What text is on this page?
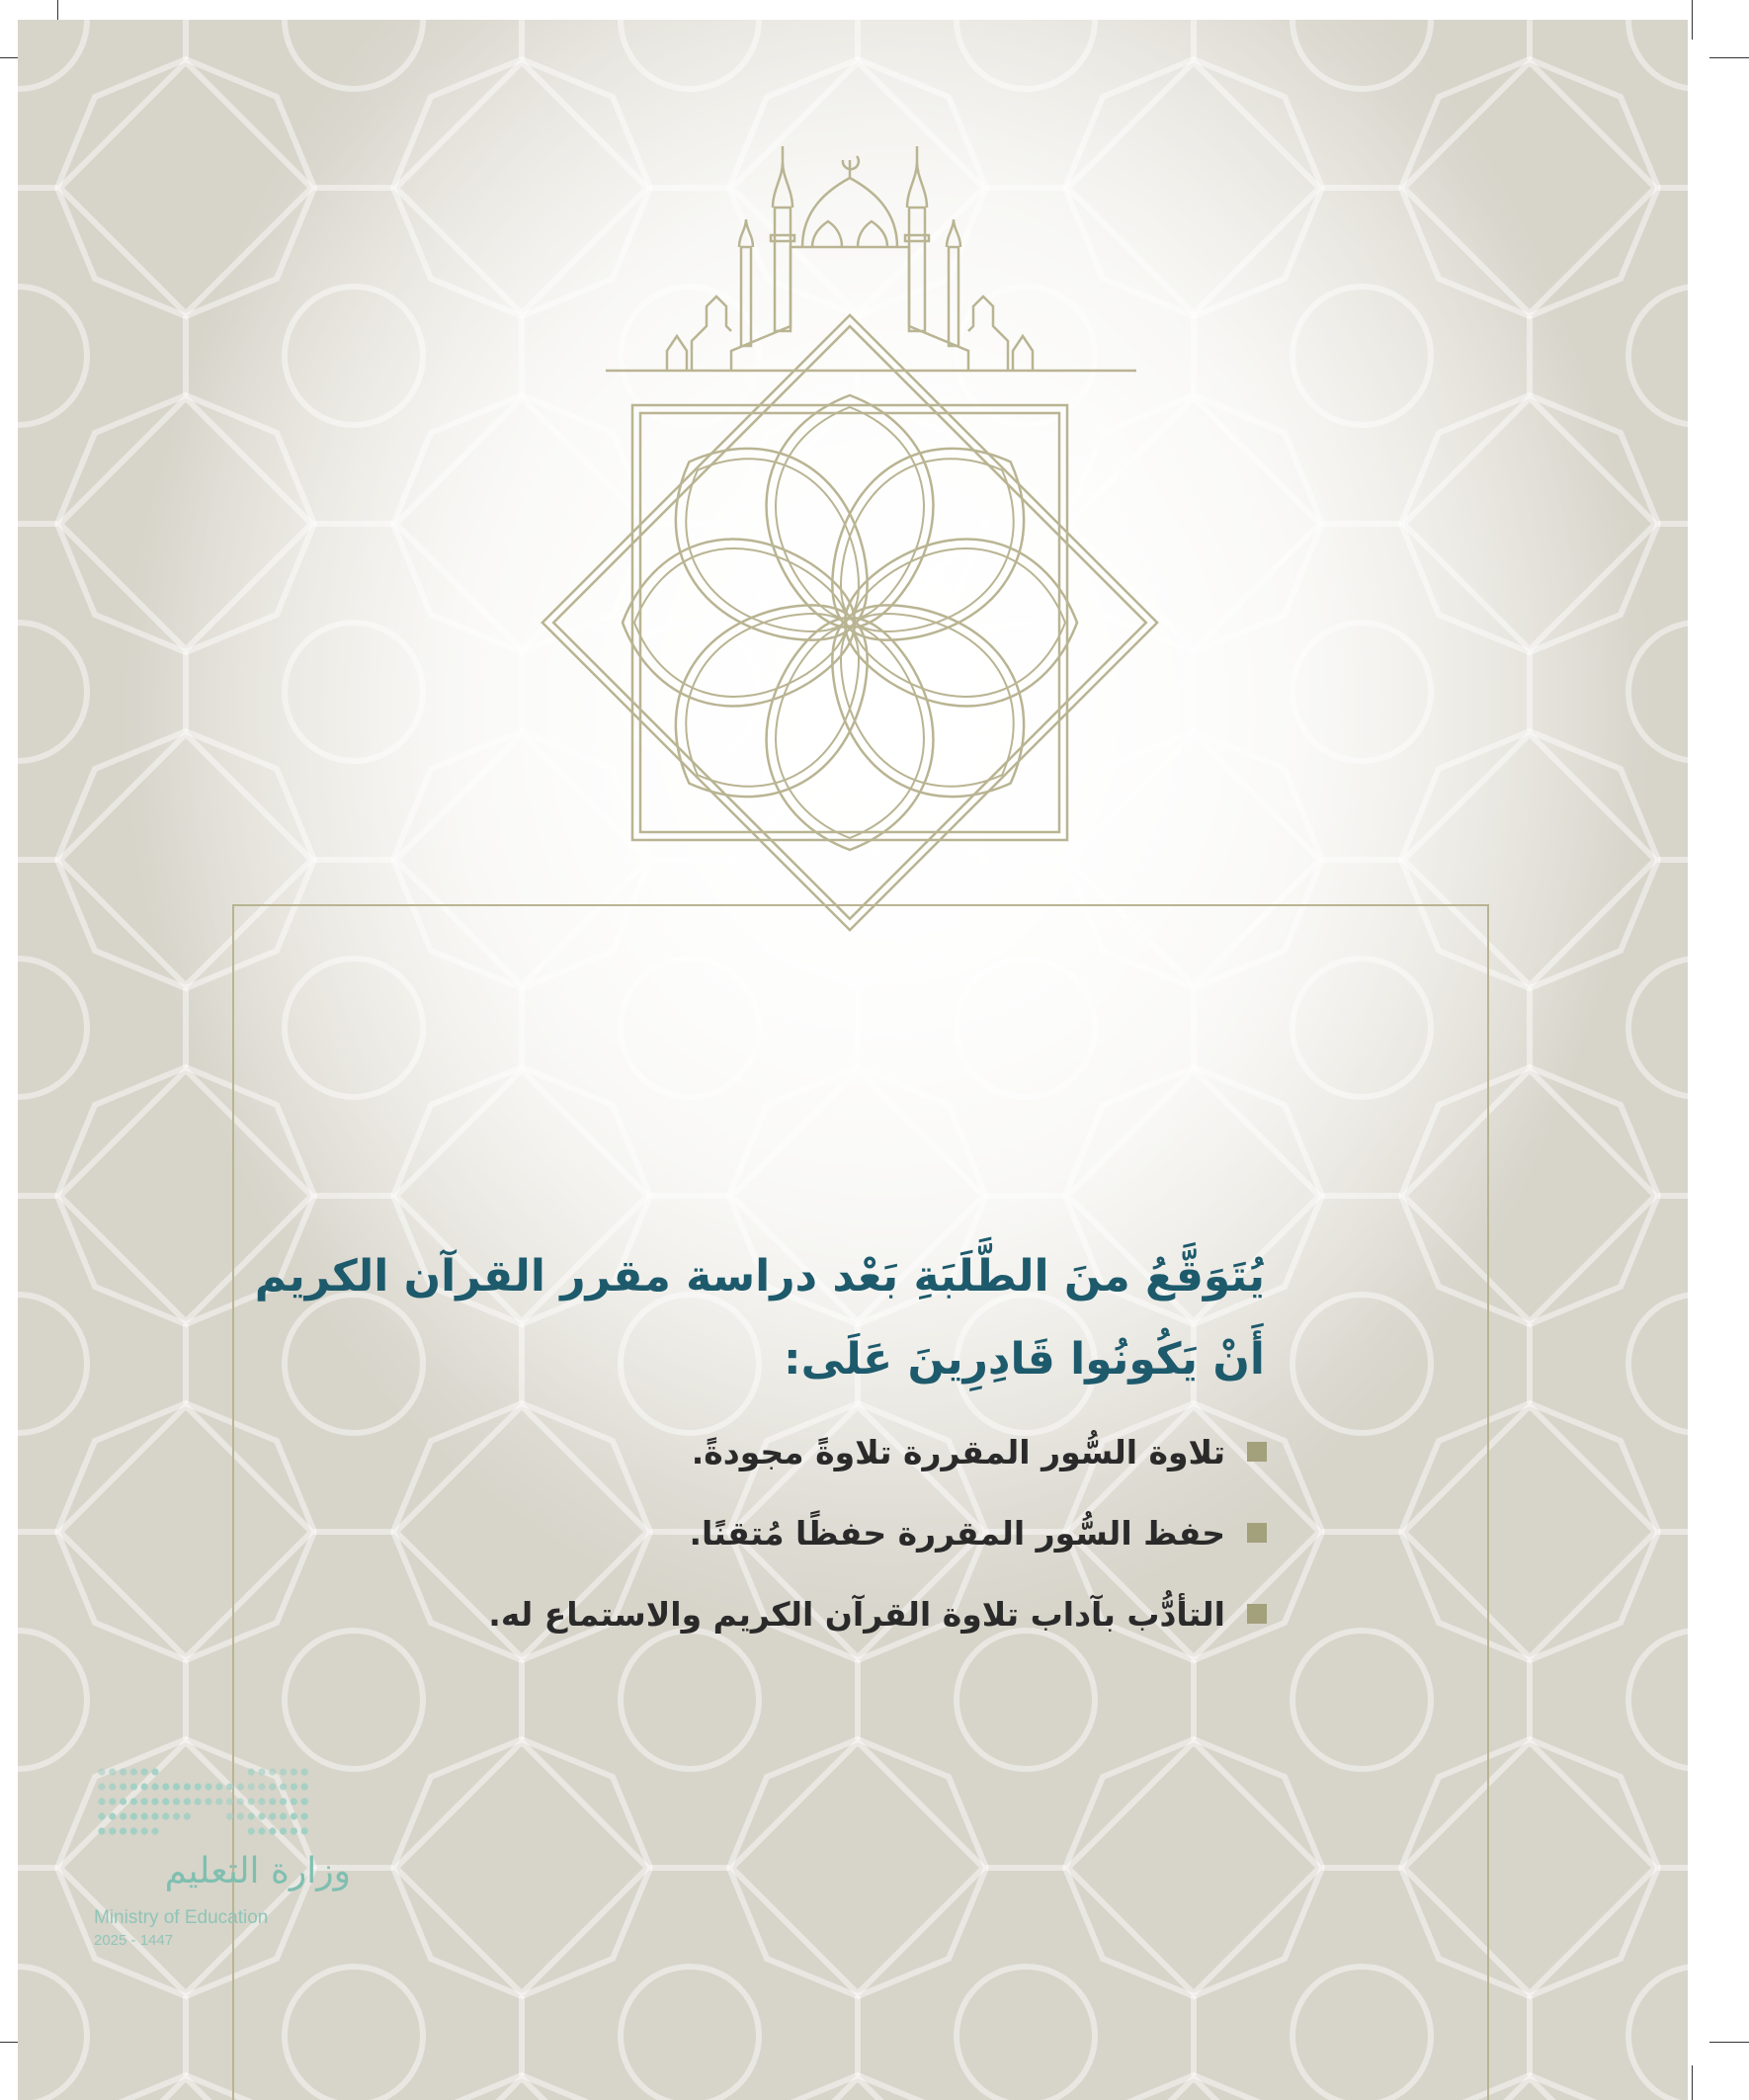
يُتَوَقَّعُ منَ الطَّلَبَةِ بَعْد دراسة مقرر القرآن الكريم
أَنْ يَكُونُوا قَادِرِينَ عَلَى:
تلاوة السُّور المقررة تلاوةً مجودةً.
حفظ السُّور المقررة حفظًا مُتقنًا.
التأدُّب بآداب تلاوة القرآن الكريم والاستماع له.
وزارة التعليم
Ministry of Education
2025 - 1447
